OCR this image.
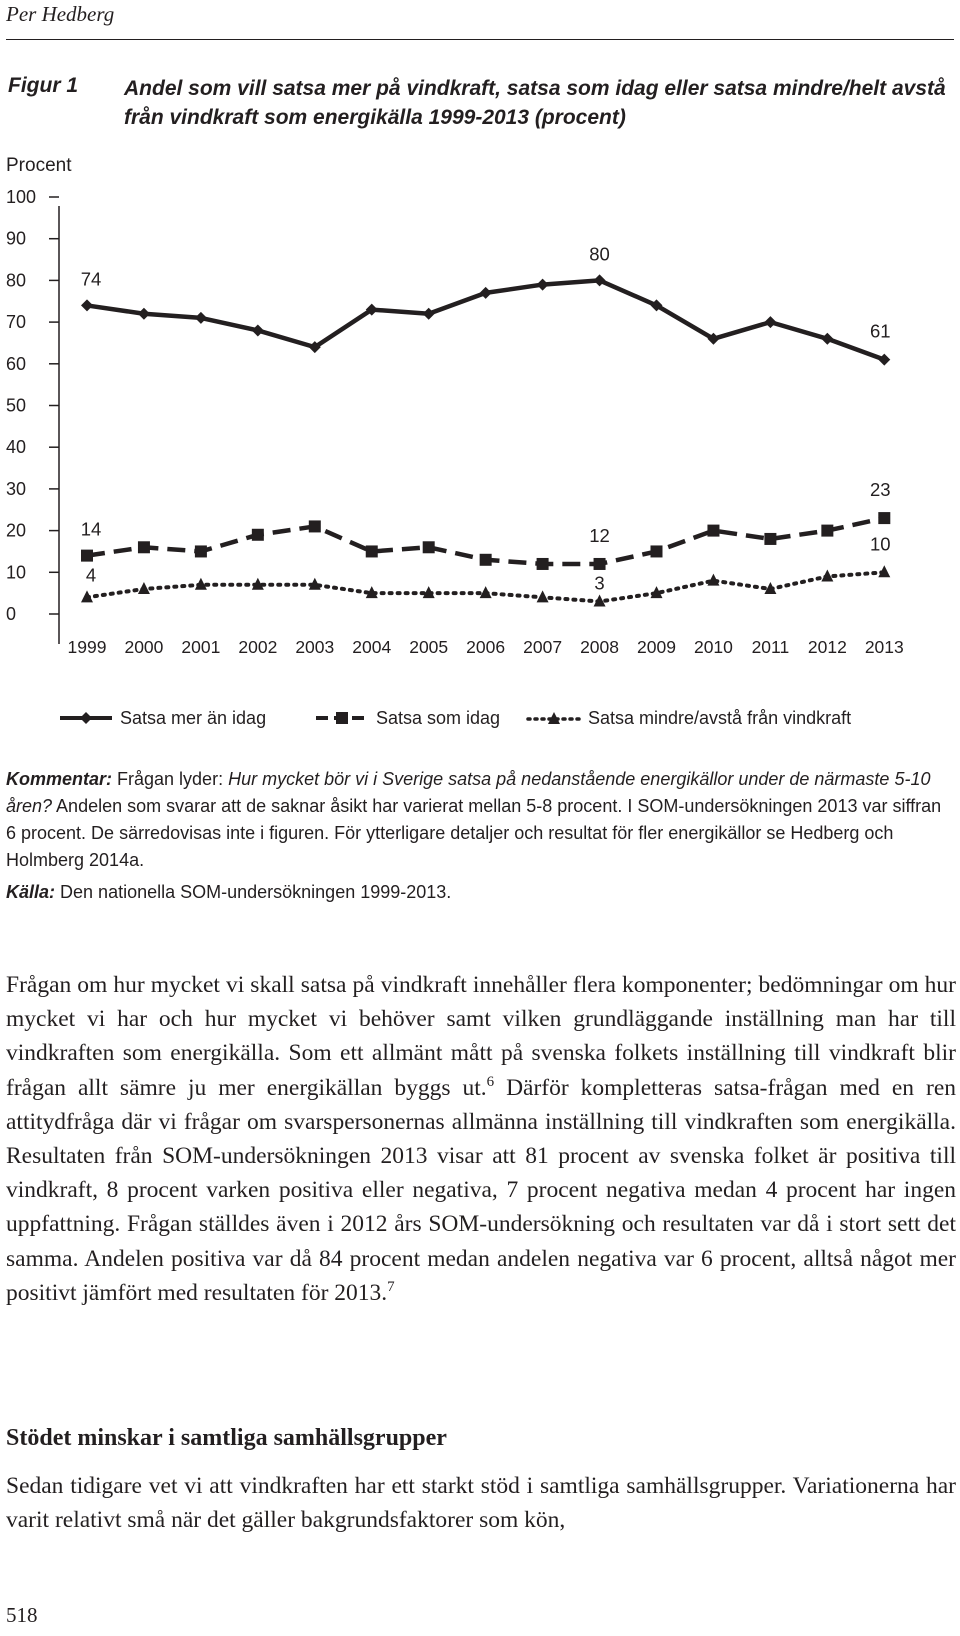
Per Hedberg
Figur 1 Andel som vill satsa mer på vindkraft, satsa som idag eller satsa mindre/helt avstå från vindkraft som energikälla 1999-2013 (procent)
Procent
0
10
20
30
40
50
60
70
80
90
100
1999 2000 2001 2002 2003 2004 2005 2006 2007 2008 2009 2010 2011 2012 2013
74
80
61
14	12
23
4	3
10
Satsa mer än idag	Satsa som idag	Satsa mindre/avstå från vindkraft
Kommentar: Frågan lyder: Hur mycket bör vi i Sverige satsa på nedanstående energikällor under de närmaste 5-10 åren? Andelen som svarar att de saknar åsikt har varierat mellan 5-8 procent. I SOM-undersökningen 2013 var siffran 6 procent. De särredovisas inte i figuren. För ytterligare detaljer och resultat för fler energikällor se Hedberg och Holmberg 2014a.
Källa: Den nationella SOM-undersökningen 1999-2013.
Frågan om hur mycket vi skall satsa på vindkraft innehåller flera komponenter; bedömningar om hur mycket vi har och hur mycket vi behöver samt vilken grundläggande inställning man har till vindkraften som energikälla. Som ett allmänt mått på svenska folkets inställning till vindkraft blir frågan allt sämre ju mer energikällan byggs ut.$^6$ Därför kompletteras satsa-frågan med en ren attitydfråga där vi frågar om svarspersonernas allmänna inställning till vindkraften som energikälla. Resultaten från SOM-undersökningen 2013 visar att 81 procent av svenska folket är positiva till vindkraft, 8 procent varken positiva eller negativa, 7 procent negativa medan 4 procent har ingen uppfattning. Frågan ställdes även i 2012 års SOM-undersökning och resultaten var då i stort sett det samma. Andelen positiva var då 84 procent medan andelen negativa var 6 procent, alltså något mer positivt jämfört med resultaten för 2013.$^7$
Stödet minskar i samtliga samhällsgrupper
Sedan tidigare vet vi att vindkraften har ett starkt stöd i samtliga samhällsgrupper. Variationerna har varit relativt små när det gäller bakgrundsfaktorer som kön,
518
